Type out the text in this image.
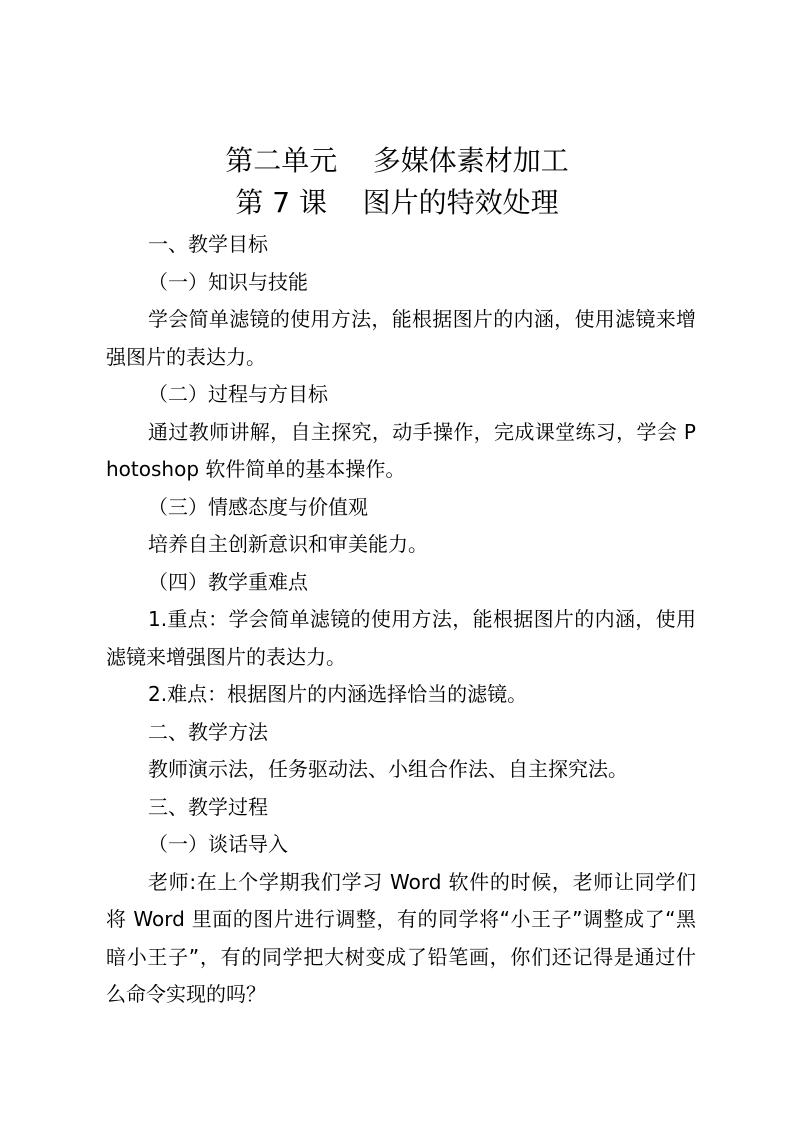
第二单元    多媒体素材加工
第 7 课    图片的特效处理

一、教学目标

（一）知识与技能

学会简单滤镜的使用方法，能根据图片的内涵，使用滤镜来增强图片的表达力。

（二）过程与方目标

通过教师讲解，自主探究，动手操作，完成课堂练习，学会 Photoshop 软件简单的基本操作。

（三）情感态度与价值观

培养自主创新意识和审美能力。

（四）教学重难点

1.重点：学会简单滤镜的使用方法，能根据图片的内涵，使用滤镜来增强图片的表达力。

2.难点：根据图片的内涵选择恰当的滤镜。

二、教学方法

教师演示法，任务驱动法、小组合作法、自主探究法。

三、教学过程

（一）谈话导入

老师:在上个学期我们学习 Word 软件的时候，老师让同学们将 Word 里面的图片进行调整，有的同学将“小王子”调整成了“黑暗小王子”，有的同学把大树变成了铅笔画，你们还记得是通过什么命令实现的吗？
